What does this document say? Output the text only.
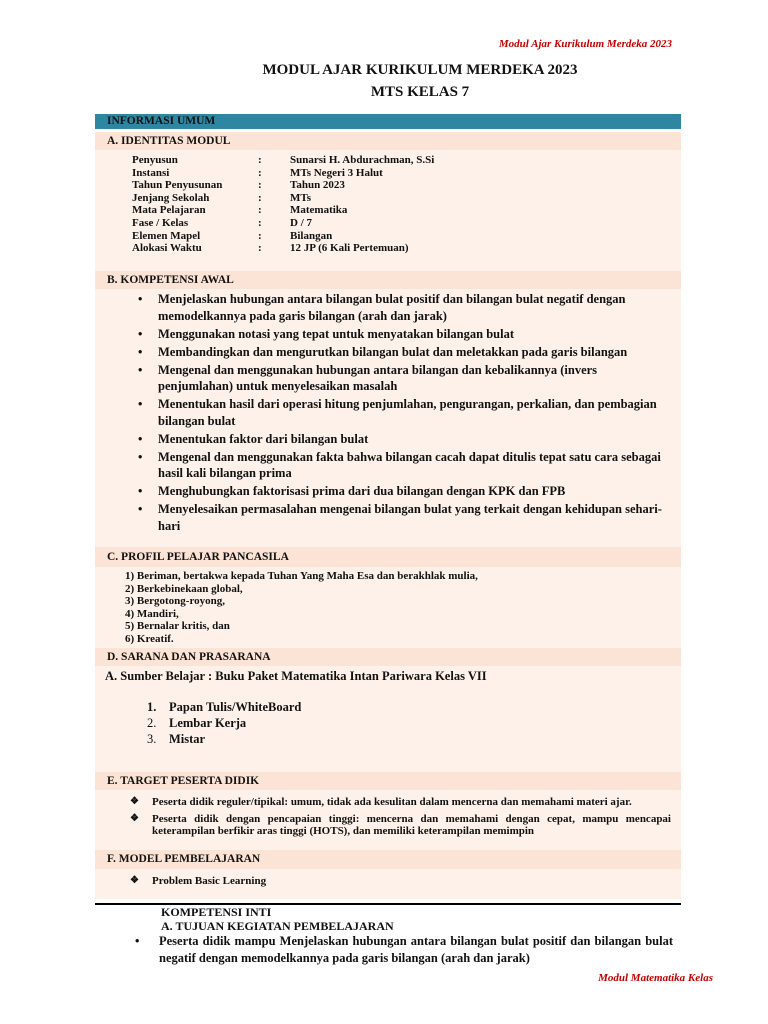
Modul Ajar Kurikulum Merdeka 2023
MODUL AJAR KURIKULUM MERDEKA 2023
MTS KELAS 7
INFORMASI UMUM
A. IDENTITAS MODUL
Penyusun	:	Sunarsi H. Abdurachman, S.Si
Instansi	:	MTs Negeri 3 Halut
Tahun Penyusunan	:	Tahun 2023
Jenjang Sekolah	:	MTs
Mata Pelajaran	:	Matematika
Fase / Kelas	:	D / 7
Elemen Mapel	:	Bilangan
Alokasi Waktu	:	12 JP (6 Kali Pertemuan)
B. KOMPETENSI AWAL
• Menjelaskan hubungan antara bilangan bulat positif dan bilangan bulat negatif dengan memodelkannya pada garis bilangan (arah dan jarak)
• Menggunakan notasi yang tepat untuk menyatakan bilangan bulat
• Membandingkan dan mengurutkan bilangan bulat dan meletakkan pada garis bilangan
• Mengenal dan menggunakan hubungan antara bilangan dan kebalikannya (invers penjumlahan) untuk menyelesaikan masalah
• Menentukan hasil dari operasi hitung penjumlahan, pengurangan, perkalian, dan pembagian bilangan bulat
• Menentukan faktor dari bilangan bulat
• Mengenal dan menggunakan fakta bahwa bilangan cacah dapat ditulis tepat satu cara sebagai hasil kali bilangan prima
• Menghubungkan faktorisasi prima dari dua bilangan dengan KPK dan FPB
• Menyelesaikan permasalahan mengenai bilangan bulat yang terkait dengan kehidupan sehari-hari
C. PROFIL PELAJAR PANCASILA
1) Beriman, bertakwa kepada Tuhan Yang Maha Esa dan berakhlak mulia,
2) Berkebinekaan global,
3) Bergotong-royong,
4) Mandiri,
5) Bernalar kritis, dan
6) Kreatif.
D. SARANA DAN PRASARANA
A. Sumber Belajar : Buku Paket Matematika Intan Pariwara Kelas VII
1. Papan Tulis/WhiteBoard
2. Lembar Kerja
3. Mistar
E. TARGET PESERTA DIDIK
❖ Peserta didik reguler/tipikal: umum, tidak ada kesulitan dalam mencerna dan memahami materi ajar.
❖ Peserta didik dengan pencapaian tinggi: mencerna dan memahami dengan cepat, mampu mencapai keterampilan berfikir aras tinggi (HOTS), dan memiliki keterampilan memimpin
F. MODEL PEMBELAJARAN
❖ Problem Basic Learning
KOMPETENSI INTI
A. TUJUAN KEGIATAN PEMBELAJARAN
•	Peserta didik mampu Menjelaskan hubungan antara bilangan bulat positif dan bilangan bulat negatif dengan memodelkannya pada garis bilangan (arah dan jarak)
Modul Matematika Kelas
